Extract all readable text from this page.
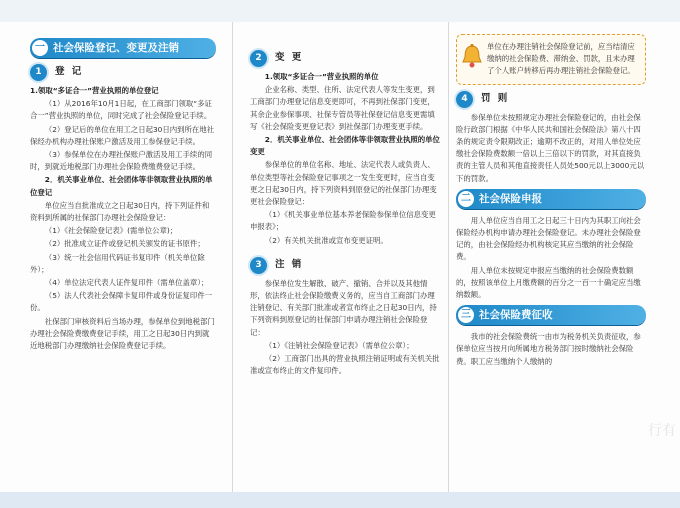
一 社会保险登记、变更及注销
1	登 记

1.领取“多证合一”营业执照的单位登记

（1）从2016年10月1日起，在工商部门领取“多证合一”营业执照的单位，同时完成了社会保险登记手续。

（2）登记后的单位在用工之日起30日内到所在地社保经办机构办理社保账户激活及用工参保登记手续。

（3）参保单位在办理社保账户激活及用工手续的同时，到就近地税部门办理社会保险费缴费登记手续。

2．机关事业单位、社会团体等非领取营业执照的单位登记

单位应当自批准成立之日起30日内，持下列证件和资料到所属的社保部门办理社会保险登记：

（1）《社会保险登记表》(需单位公章)；

（2）批准成立证件或登记机关颁发的证书原件；

（3）统一社会信用代码证书复印件（机关单位除外）；

（4）单位法定代表人证件复印件（需单位盖章）；

（5）法人代表社会保障卡复印件或身份证复印件一份。

社保部门审核资料后当场办理，参保单位到地税部门办理社会保险费缴费登记手续，用工之日起30日内到就近地税部门办理缴纳社会保险费登记手续。

2	变 更

1.领取“多证合一”营业执照的单位

企业名称、类型、住所、法定代表人等发生变更，到工商部门办理登记信息变更即可，不再到社保部门变更，其余企业参保事项、社保专管员等社保登记信息变更需填写《社会保险变更登记表》到社保部门办理变更手续。

2．机关事业单位、社会团体等非领取营业执照的单位变更

参保单位的单位名称、地址、法定代表人或负责人、单位类型等社会保险登记事项之一发生变更时，应当自变更之日起30日内，持下列资料到原登记的社保部门办理变更社会保险登记：

（1）《机关事业单位基本养老保险参保单位信息变更申报表》；

（2）有关机关批准或宣布变更证明。

3	注 销

参保单位发生解散、破产、撤销、合并以及其他情形，依法终止社会保险缴费义务的，应当自工商部门办理注销登记、有关部门批准或者宣布终止之日起30日内，持下列资料到原登记的社保部门申请办理注销社会保险登记：

（1）《注销社会保险登记表》（需单位公章）；

（2）工商部门出具的营业执照注销证明或有关机关批准或宣布终止的文件复印件。

单位在办理注销社会保险登记前，应当结清应缴纳的社会保险费、滞纳金、罚款，且未办理了个人账户转移后再办理注销社会保险登记。
4	罚 则

参保单位未按照规定办理社会保险登记的，由社会保险行政部门根据《中华人民共和国社会保险法》第八十四条的规定责令限期改正；逾期不改正的，对用人单位处应缴社会保险费数额一倍以上三倍以下的罚款，对其直接负责的主管人员和其他直接责任人员处500元以上3000元以下的罚款。

二 社会保险申报

用人单位应当自用工之日起三十日内为其职工向社会保险经办机构申请办理社会保险登记。未办理社会保险登记的，由社会保险经办机构核定其应当缴纳的社会保险费。

用人单位未按规定申报应当缴纳的社会保险费数额的，按照该单位上月缴费额的百分之一百一十确定应当缴纳数额。

三 社会保险费征收

我市的社会保险费统一由市为税务机关负责征收，参保单位应当按月向所属地方税务部门按时缴纳社会保险费。职工应当缴纳个人缴纳的

行有
